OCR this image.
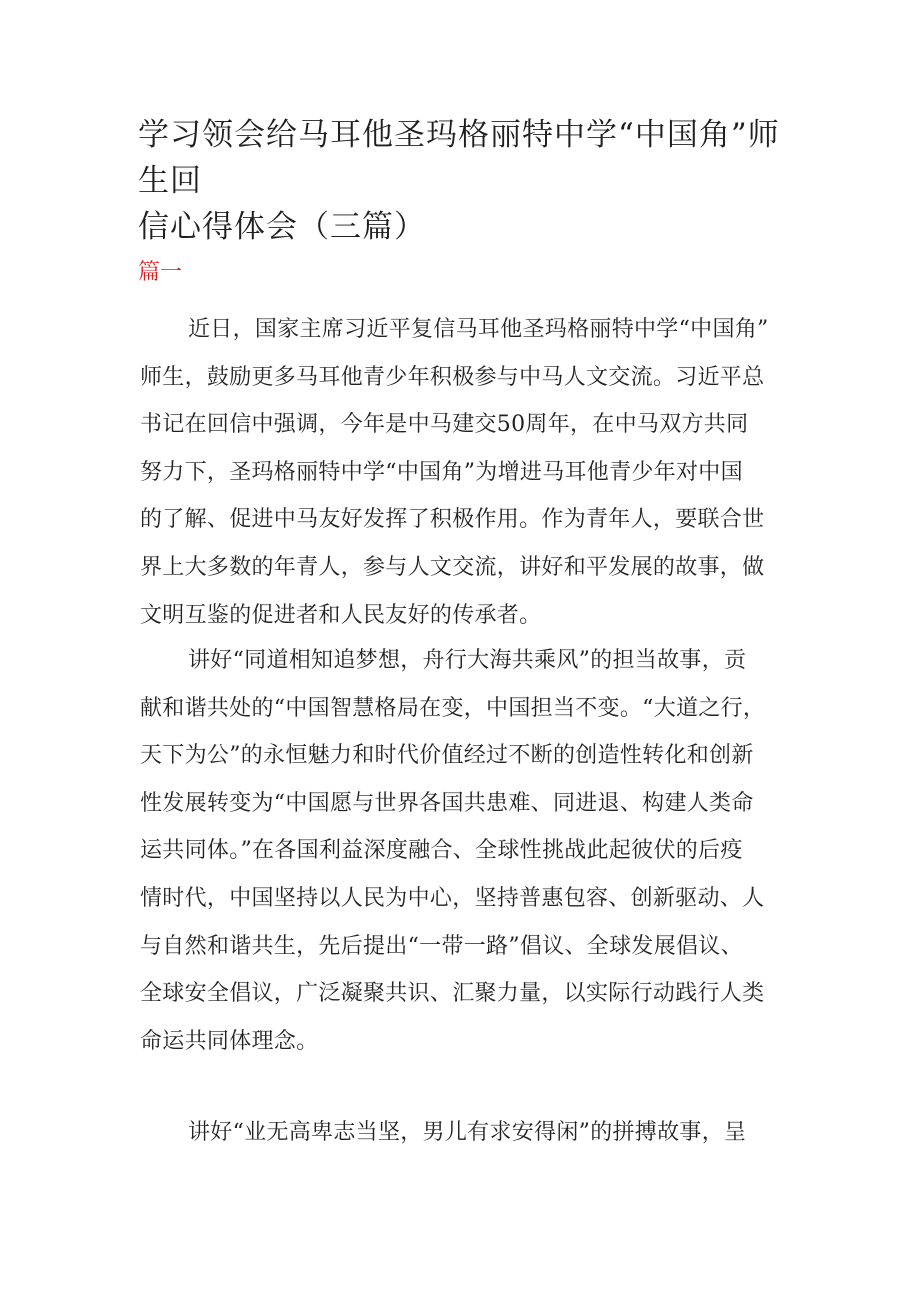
学习领会给马耳他圣玛格丽特中学“中国角”师生回
信心得体会（三篇）

篇一

近日，国家主席习近平复信马耳他圣玛格丽特中学“中国角”
师生，鼓励更多马耳他青少年积极参与中马人文交流。习近平总
书记在回信中强调，今年是中马建交50周年，在中马双方共同
努力下，圣玛格丽特中学“中国角”为增进马耳他青少年对中国
的了解、促进中马友好发挥了积极作用。作为青年人，要联合世
界上大多数的年青人，参与人文交流，讲好和平发展的故事，做
文明互鉴的促进者和人民友好的传承者。

讲好“同道相知追梦想，舟行大海共乘风”的担当故事，贡
献和谐共处的“中国智慧格局在变，中国担当不变。“大道之行，
天下为公”的永恒魅力和时代价值经过不断的创造性转化和创新
性发展转变为“中国愿与世界各国共患难、同进退、构建人类命
运共同体。”在各国利益深度融合、全球性挑战此起彼伏的后疫
情时代，中国坚持以人民为中心，坚持普惠包容、创新驱动、人
与自然和谐共生，先后提出“一带一路”倡议、全球发展倡议、
全球安全倡议，广泛凝聚共识、汇聚力量，以实际行动践行人类
命运共同体理念。

讲好“业无高卑志当坚，男儿有求安得闲”的拼搏故事，呈
